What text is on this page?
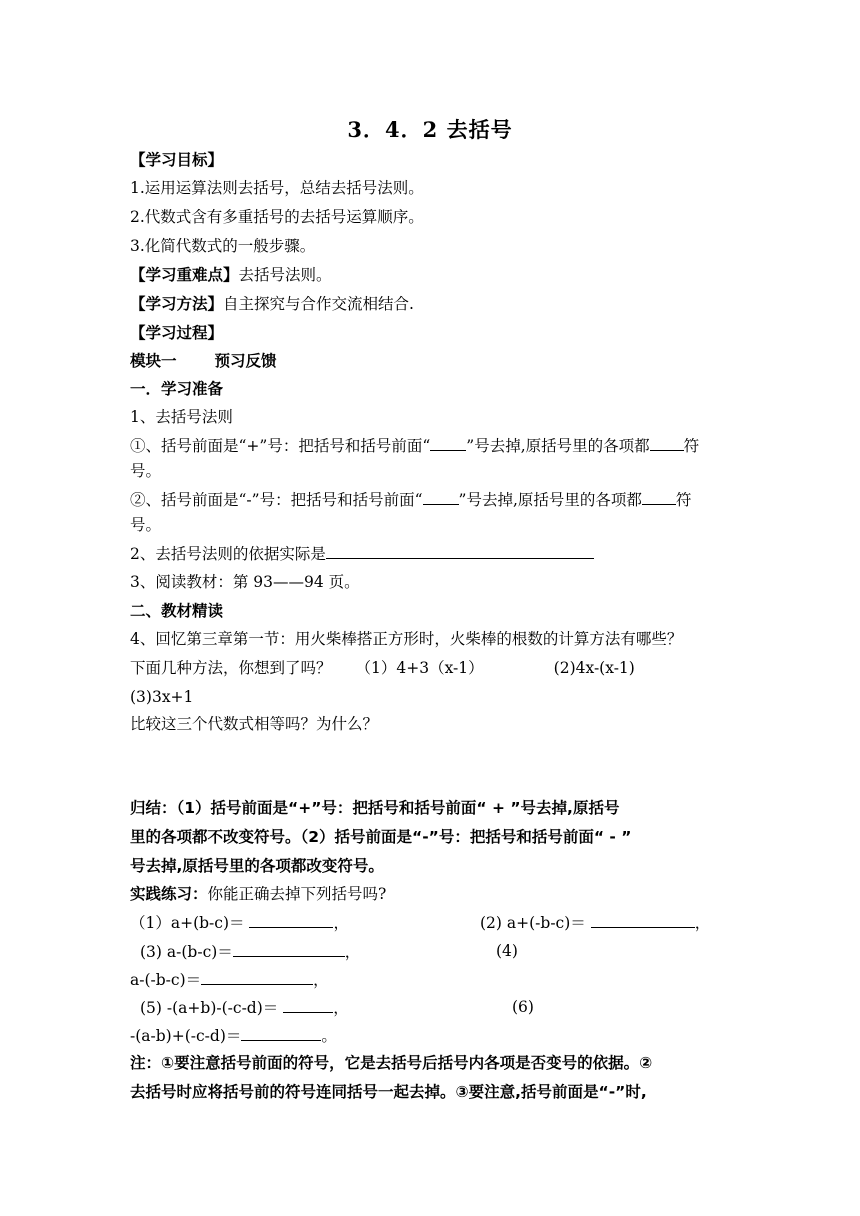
3．4．2 去括号
【学习目标】
1.运用运算法则去括号，总结去括号法则。
2.代数式含有多重括号的去括号运算顺序。
3.化简代数式的一般步骤。
【学习重难点】去括号法则。
【学习方法】自主探究与合作交流相结合.
【学习过程】
模块一 预习反馈
一．学习准备
1、去括号法则
①、括号前面是“+”号：把括号和括号前面“ ”号去掉,原括号里的各项都 符
号。
②、括号前面是“-”号：把括号和括号前面“ ”号去掉,原括号里的各项都 符
号。
2、去括号法则的依据实际是
3、阅读教材：第 93——94 页。
二、教材精读
4、回忆第三章第一节：用火柴棒搭正方形时，火柴棒的根数的计算方法有哪些？
下面几种方法，你想到了吗？ （1）4+3（x-1）	(2)4x-(x-1)
(3)3x+1
比较这三个代数式相等吗？为什么？
归结：（1）括号前面是“+”号：把括号和括号前面“ + ”号去掉,原括号
里的各项都不改变符号。（2）括号前面是“-”号：把括号和括号前面“ - ”
号去掉,原括号里的各项都改变符号。
实践练习：你能正确去掉下列括号吗?
（1）a+(b-c)＝	，	(2) a+(-b-c)＝	，
(3) a-(b-c)＝	，	(4)
a-(-b-c)＝	，
(5) -(a+b)-(-c-d)＝	，	(6)
-(a-b)+(-c-d)＝	。
注：①要注意括号前面的符号，它是去括号后括号内各项是否变号的依据。②
去括号时应将括号前的符号连同括号一起去掉。③要注意,括号前面是“-”时,
